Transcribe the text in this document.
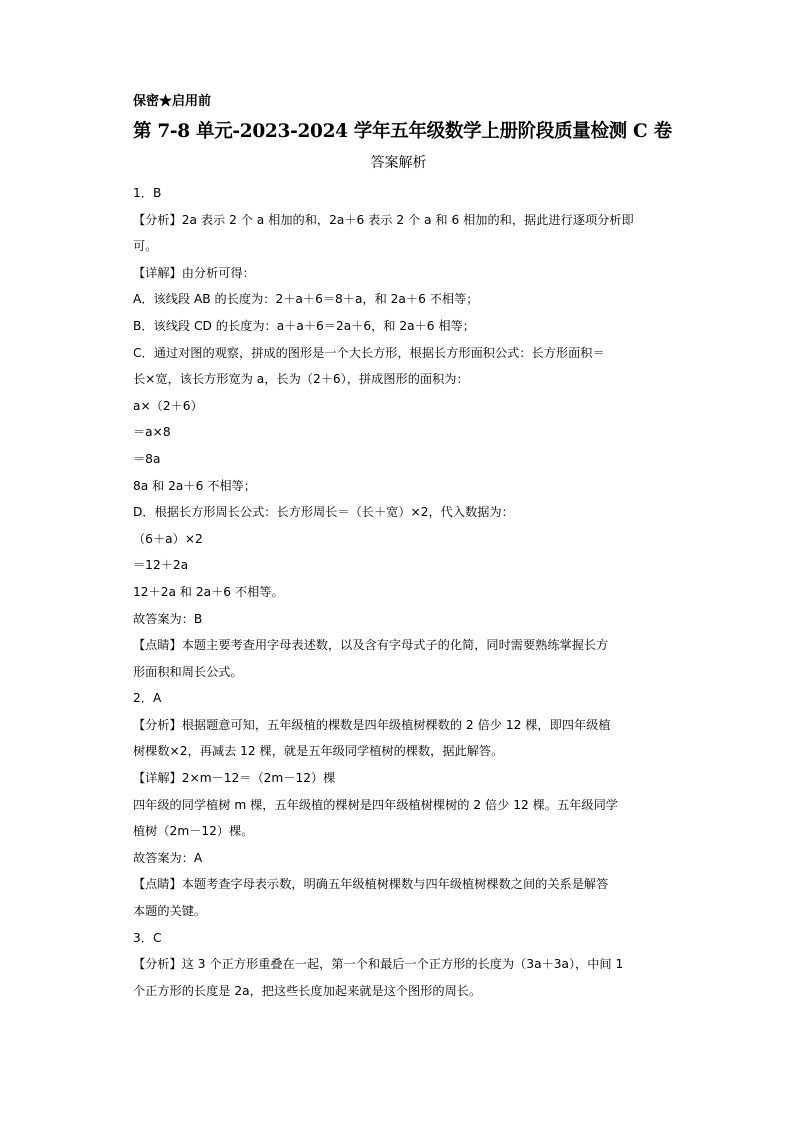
保密★启用前
第 7-8 单元-2023-2024 学年五年级数学上册阶段质量检测 C 卷
答案解析
1．B
【分析】2a 表示 2 个 a 相加的和，2a＋6 表示 2 个 a 和 6 相加的和，据此进行逐项分析即
可。
【详解】由分析可得：
A．该线段 AB 的长度为：2＋a＋6＝8＋a，和 2a＋6 不相等；
B．该线段 CD 的长度为：a＋a＋6＝2a＋6，和 2a＋6 相等；
C．通过对图的观察，拼成的图形是一个大长方形，根据长方形面积公式：长方形面积＝
长×宽，该长方形宽为 a，长为（2＋6），拼成图形的面积为：
a×（2＋6）
＝a×8
＝8a
8a 和 2a＋6 不相等；
D．根据长方形周长公式：长方形周长＝（长＋宽）×2，代入数据为：
（6＋a）×2
＝12＋2a
12＋2a 和 2a＋6 不相等。
故答案为：B
【点睛】本题主要考查用字母表述数，以及含有字母式子的化简，同时需要熟练掌握长方
形面积和周长公式。
2．A
【分析】根据题意可知，五年级植的棵数是四年级植树棵数的 2 倍少 12 棵，即四年级植
树棵数×2，再减去 12 棵，就是五年级同学植树的棵数，据此解答。
【详解】2×m－12＝（2m－12）棵
四年级的同学植树 m 棵，五年级植的棵树是四年级植树棵树的 2 倍少 12 棵。五年级同学
植树（2m－12）棵。
故答案为：A
【点睛】本题考查字母表示数，明确五年级植树棵数与四年级植树棵数之间的关系是解答
本题的关键。
3．C
【分析】这 3 个正方形重叠在一起，第一个和最后一个正方形的长度为（3a＋3a），中间 1
个正方形的长度是 2a，把这些长度加起来就是这个图形的周长。
